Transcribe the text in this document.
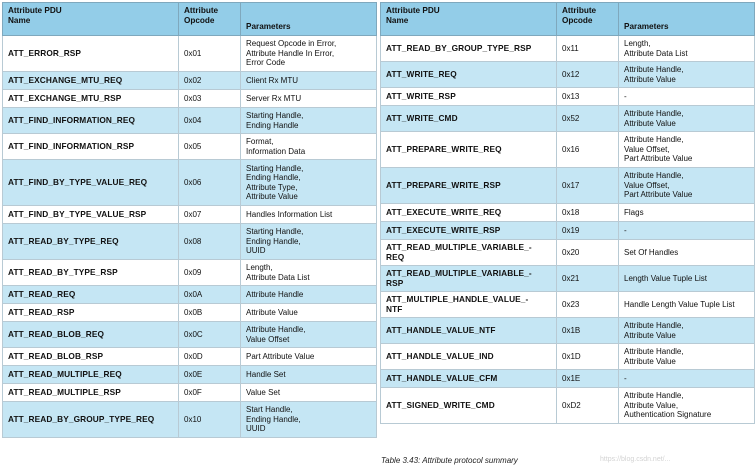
Attribute PDU
Name	Attribute
Opcode	Parameters
ATT_ERROR_RSP	0x01	Request Opcode in Error,
Attribute Handle In Error,
Error Code
ATT_EXCHANGE_MTU_REQ	0x02	Client Rx MTU
ATT_EXCHANGE_MTU_RSP	0x03	Server Rx MTU
ATT_FIND_INFORMATION_REQ	0x04	Starting Handle,
Ending Handle
ATT_FIND_INFORMATION_RSP	0x05	Format,
Information Data
ATT_FIND_BY_TYPE_VALUE_REQ	0x06	Starting Handle,
Ending Handle,
Attribute Type,
Attribute Value
ATT_FIND_BY_TYPE_VALUE_RSP	0x07	Handles Information List
ATT_READ_BY_TYPE_REQ	0x08	Starting Handle,
Ending Handle,
UUID
ATT_READ_BY_TYPE_RSP	0x09	Length,
Attribute Data List
ATT_READ_REQ	0x0A	Attribute Handle
ATT_READ_RSP	0x0B	Attribute Value
ATT_READ_BLOB_REQ	0x0C	Attribute Handle,
Value Offset
ATT_READ_BLOB_RSP	0x0D	Part Attribute Value
ATT_READ_MULTIPLE_REQ	0x0E	Handle Set
ATT_READ_MULTIPLE_RSP	0x0F	Value Set
ATT_READ_BY_GROUP_TYPE_REQ	0x10	Start Handle,
Ending Handle,
UUID
Attribute PDU
Name	Attribute
Opcode	Parameters
ATT_READ_BY_GROUP_TYPE_RSP	0x11	Length,
Attribute Data List
ATT_WRITE_REQ	0x12	Attribute Handle,
Attribute Value
ATT_WRITE_RSP	0x13	-
ATT_WRITE_CMD	0x52	Attribute Handle,
Attribute Value
ATT_PREPARE_WRITE_REQ	0x16	Attribute Handle,
Value Offset,
Part Attribute Value
ATT_PREPARE_WRITE_RSP	0x17	Attribute Handle,
Value Offset,
Part Attribute Value
ATT_EXECUTE_WRITE_REQ	0x18	Flags
ATT_EXECUTE_WRITE_RSP	0x19	-
ATT_READ_MULTIPLE_VARIABLE_-
REQ	0x20	Set Of Handles
ATT_READ_MULTIPLE_VARIABLE_-
RSP	0x21	Length Value Tuple List
ATT_MULTIPLE_HANDLE_VALUE_-
NTF	0x23	Handle Length Value Tuple List
ATT_HANDLE_VALUE_NTF	0x1B	Attribute Handle,
Attribute Value
ATT_HANDLE_VALUE_IND	0x1D	Attribute Handle,
Attribute Value
ATT_HANDLE_VALUE_CFM	0x1E	-
ATT_SIGNED_WRITE_CMD	0xD2	Attribute Handle,
Attribute Value,
Authentication Signature
Table 3.43: Attribute protocol summary	https://blog.csdn.net/...
